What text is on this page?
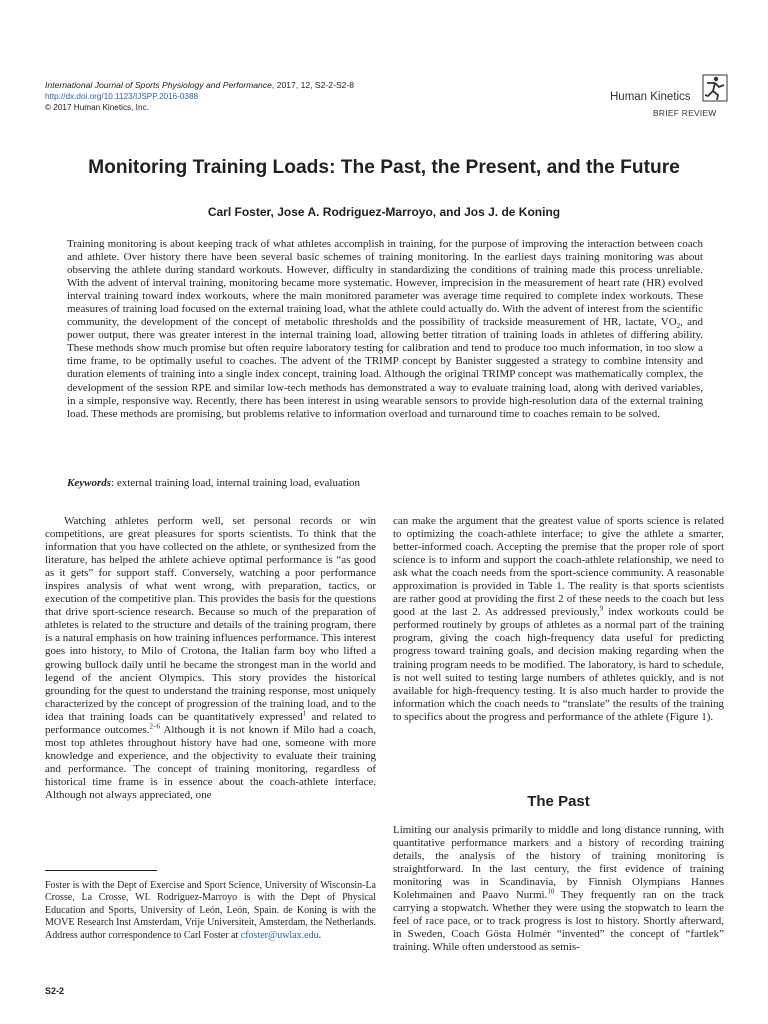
International Journal of Sports Physiology and Performance, 2017, 12, S2-2-S2-8
http://dx.doi.org/10.1123/IJSPP.2016-0388
© 2017 Human Kinetics, Inc.
Human Kinetics
BRIEF REVIEW
Monitoring Training Loads: The Past, the Present, and the Future
Carl Foster, Jose A. Rodriguez-Marroyo, and Jos J. de Koning
Training monitoring is about keeping track of what athletes accomplish in training, for the purpose of improving the interaction between coach and athlete. Over history there have been several basic schemes of training monitoring. In the earliest days training monitoring was about observing the athlete during standard workouts. However, difficulty in standardizing the conditions of training made this process unreliable. With the advent of interval training, monitoring became more systematic. However, imprecision in the measurement of heart rate (HR) evolved interval training toward index workouts, where the main monitored parameter was average time required to complete index workouts. These measures of training load focused on the external training load, what the athlete could actually do. With the advent of interest from the scientific community, the development of the concept of metabolic thresholds and the possibility of trackside measurement of HR, lactate, $VO_2$, and power output, there was greater interest in the internal training load, allowing better titration of training loads in athletes of differing ability. These methods show much promise but often require laboratory testing for calibration and tend to produce too much information, in too slow a time frame, to be optimally useful to coaches. The advent of the TRIMP concept by Banister suggested a strategy to combine intensity and duration elements of training into a single index concept, training load. Although the original TRIMP concept was mathematically complex, the development of the session RPE and similar low-tech methods has demonstrated a way to evaluate training load, along with derived variables, in a simple, responsive way. Recently, there has been interest in using wearable sensors to provide high-resolution data of the external training load. These methods are promising, but problems relative to information overload and turnaround time to coaches remain to be solved.
Keywords: external training load, internal training load, evaluation

Watching athletes perform well, set personal records or win competitions, are great pleasures for sports scientists. To think that the information that you have collected on the athlete, or synthesized from the literature, has helped the athlete achieve optimal performance is “as good as it gets” for support staff. Conversely, watching a poor performance inspires analysis of what went wrong, with preparation, tactics, or execution of the competitive plan. This provides the basis for the questions that drive sport-science research. Because so much of the preparation of athletes is related to the structure and details of the training program, there is a natural emphasis on how training influences performance. This interest goes into history, to Milo of Crotona, the Italian farm boy who lifted a growing bullock daily until he became the strongest man in the world and legend of the ancient Olympics. This story provides the historical grounding for the quest to understand the training response, most uniquely characterized by the concept of progression of the training load, and to the idea that training loads can be quantitatively expressed$^1$ and related to performance outcomes.$^{2-6}$ Although it is not known if Milo had a coach, most top athletes throughout history have had one, someone with more knowledge and experience, and the objectivity to evaluate their training and performance. The concept of training monitoring, regardless of historical time frame is in essence about the coach-athlete interface. Although not always appreciated, one

can make the argument that the greatest value of sports science is related to optimizing the coach-athlete interface; to give the athlete a smarter, better-informed coach. Accepting the premise that the proper role of sport science is to inform and support the coach-athlete relationship, we need to ask what the coach needs from the sport-science community. A reasonable approximation is provided in Table 1. The reality is that sports scientists are rather good at providing the first 2 of these needs to the coach but less good at the last 2. As addressed previously,$^9$ index workouts could be performed routinely by groups of athletes as a normal part of the training program, giving the coach high-frequency data useful for predicting progress toward training goals, and decision making regarding when the training program needs to be modified. The laboratory, is hard to schedule, is not well suited to testing large numbers of athletes quickly, and is not available for high-frequency testing. It is also much harder to provide the information which the coach needs to “translate” the results of the training to specifics about the progress and performance of the athlete (Figure 1).

The Past

Limiting our analysis primarily to middle and long distance running, with quantitative performance markers and a history of recording training details, the analysis of the history of training monitoring is straightforward. In the last century, the first evidence of training monitoring was in Scandinavia, by Finnish Olympians Hannes Kolehmainen and Paavo Nurmi.$^{10}$ They frequently ran on the track carrying a stopwatch. Whether they were using the stopwatch to learn the feel of race pace, or to track progress is lost to history. Shortly afterward, in Sweden, Coach Gösta Holmér “invented” the concept of “fartlek” training. While often understood as semis-

Foster is with the Dept of Exercise and Sport Science, University of Wisconsin-La Crosse, La Crosse, WI. Rodriguez-Marroyo is with the Dept of Physical Education and Sports, University of León, León, Spain. de Koning is with the MOVE Research Inst Amsterdam, Vrije Universiteit, Amsterdam, the Netherlands. Address author correspondence to Carl Foster at cfoster@uwlax.edu.
S2-2
